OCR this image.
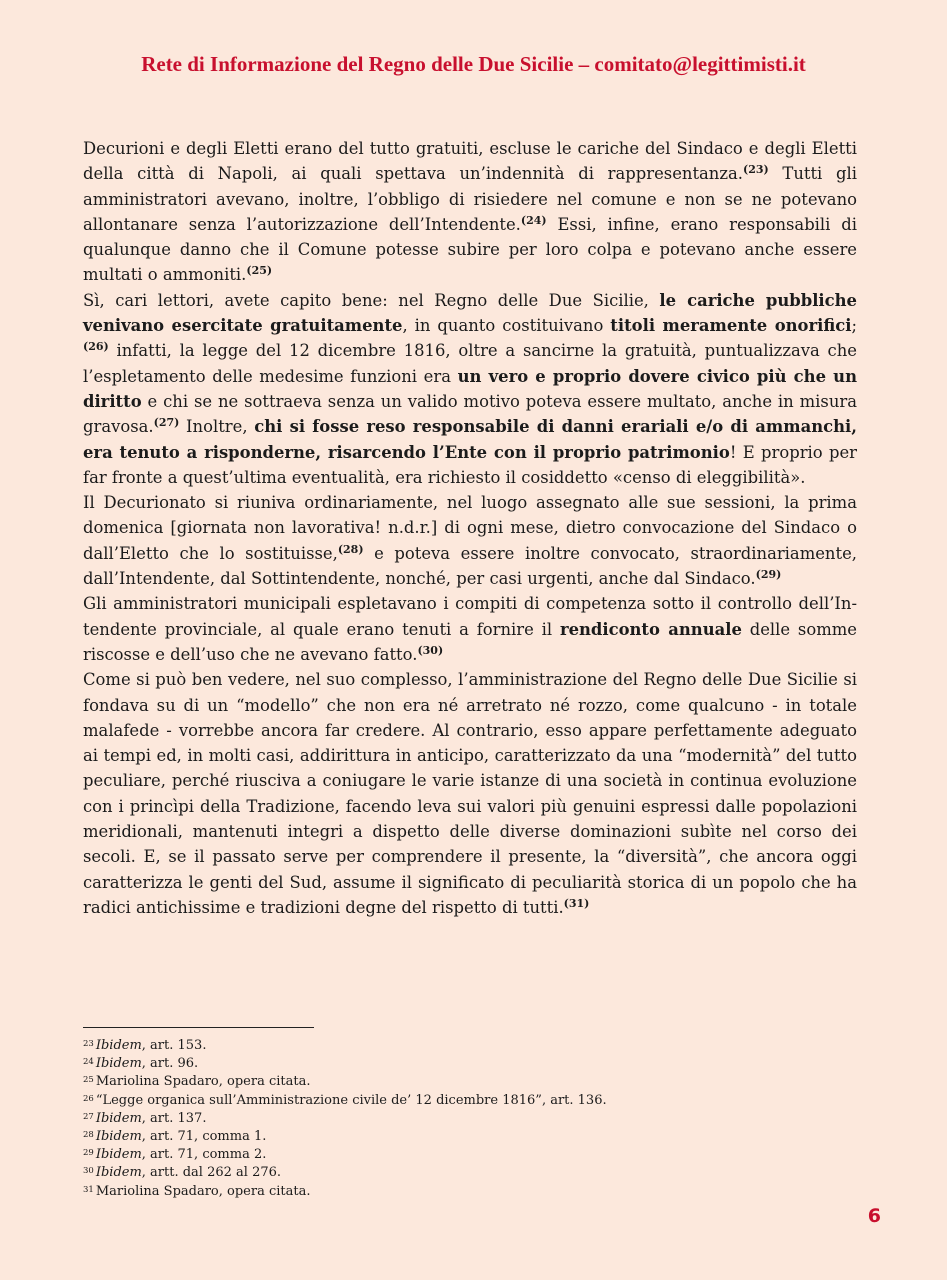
Rete di Informazione del Regno delle Due Sicilie – comitato@legittimisti.it

Decurioni e degli Eletti erano del tutto gratuiti, escluse le cariche del Sindaco e degli Eletti della città di Napoli, ai quali spettava un’indennità di rappresentanza.$^{(23)}$ Tutti gli amministratori avevano, inoltre, l’obbligo di risiedere nel comune e non se ne potevano allontanare senza l’autorizzazione dell’Intendente.$^{(24)}$ Essi, infine, erano responsabili di qualunque danno che il Comune potesse subire per loro colpa e potevano anche essere multati o ammoniti.$^{(25)}$

Sì, cari lettori, avete capito bene: nel Regno delle Due Sicilie, le cariche pubbliche venivano esercitate gratuitamente, in quanto costituivano titoli meramente onorifici;$^{(26)}$ infatti, la legge del 12 dicembre 1816, oltre a sancirne la gratuità, puntualizzava che l’espletamento delle medesime funzioni era un vero e proprio dovere civico più che un diritto e chi se ne sottraeva senza un valido motivo poteva essere multato, anche in misura gravosa.$^{(27)}$ Inoltre, chi si fosse reso responsabile di danni erariali e/o di ammanchi, era tenuto a risponderne, risarcendo l’Ente con il proprio patrimonio! E proprio per far fronte a quest’ultima eventualità, era richiesto il cosiddetto «censo di eleggibilità».

Il Decurionato si riuniva ordinariamente, nel luogo assegnato alle sue sessioni, la prima domenica [giornata non lavorativa! n.d.r.] di ogni mese, dietro convocazione del Sindaco o dall’Eletto che lo sostituisse,$^{(28)}$ e poteva essere inoltre convocato, straordinariamente, dall’Intendente, dal Sottintendente, nonché, per casi urgenti, anche dal Sindaco.$^{(29)}$

Gli amministratori municipali espletavano i compiti di competenza sotto il controllo dell’In-tendente provinciale, al quale erano tenuti a fornire il rendiconto annuale delle somme riscosse e dell’uso che ne avevano fatto.$^{(30)}$

Come si può ben vedere, nel suo complesso, l’amministrazione del Regno delle Due Sicilie si fondava su di un “modello” che non era né arretrato né rozzo, come qualcuno - in totale malafede - vorrebbe ancora far credere. Al contrario, esso appare perfettamente adeguato ai tempi ed, in molti casi, addirittura in anticipo, caratterizzato da una “modernità” del tutto peculiare, perché riusciva a coniugare le varie istanze di una società in continua evoluzione con i princìpi della Tradizione, facendo leva sui valori più genuini espressi dalle popolazioni meridionali, mantenuti integri a dispetto delle diverse dominazioni subìte nel corso dei secoli. E, se il passato serve per comprendere il presente, la “diversità”, che ancora oggi caratterizza le genti del Sud, assume il significato di peculiarità storica di un popolo che ha radici antichissime e tradizioni degne del rispetto di tutti.$^{(31)}$

$^{23}$ Ibidem, art. 153.
$^{24}$ Ibidem, art. 96.
$^{25}$ Mariolina Spadaro, opera citata.
$^{26}$ “Legge organica sull’Amministrazione civile de’ 12 dicembre 1816”, art. 136.
$^{27}$ Ibidem, art. 137.
$^{28}$ Ibidem, art. 71, comma 1.
$^{29}$ Ibidem, art. 71, comma 2.
$^{30}$ Ibidem, artt. dal 262 al 276.
$^{31}$ Mariolina Spadaro, opera citata.
6
